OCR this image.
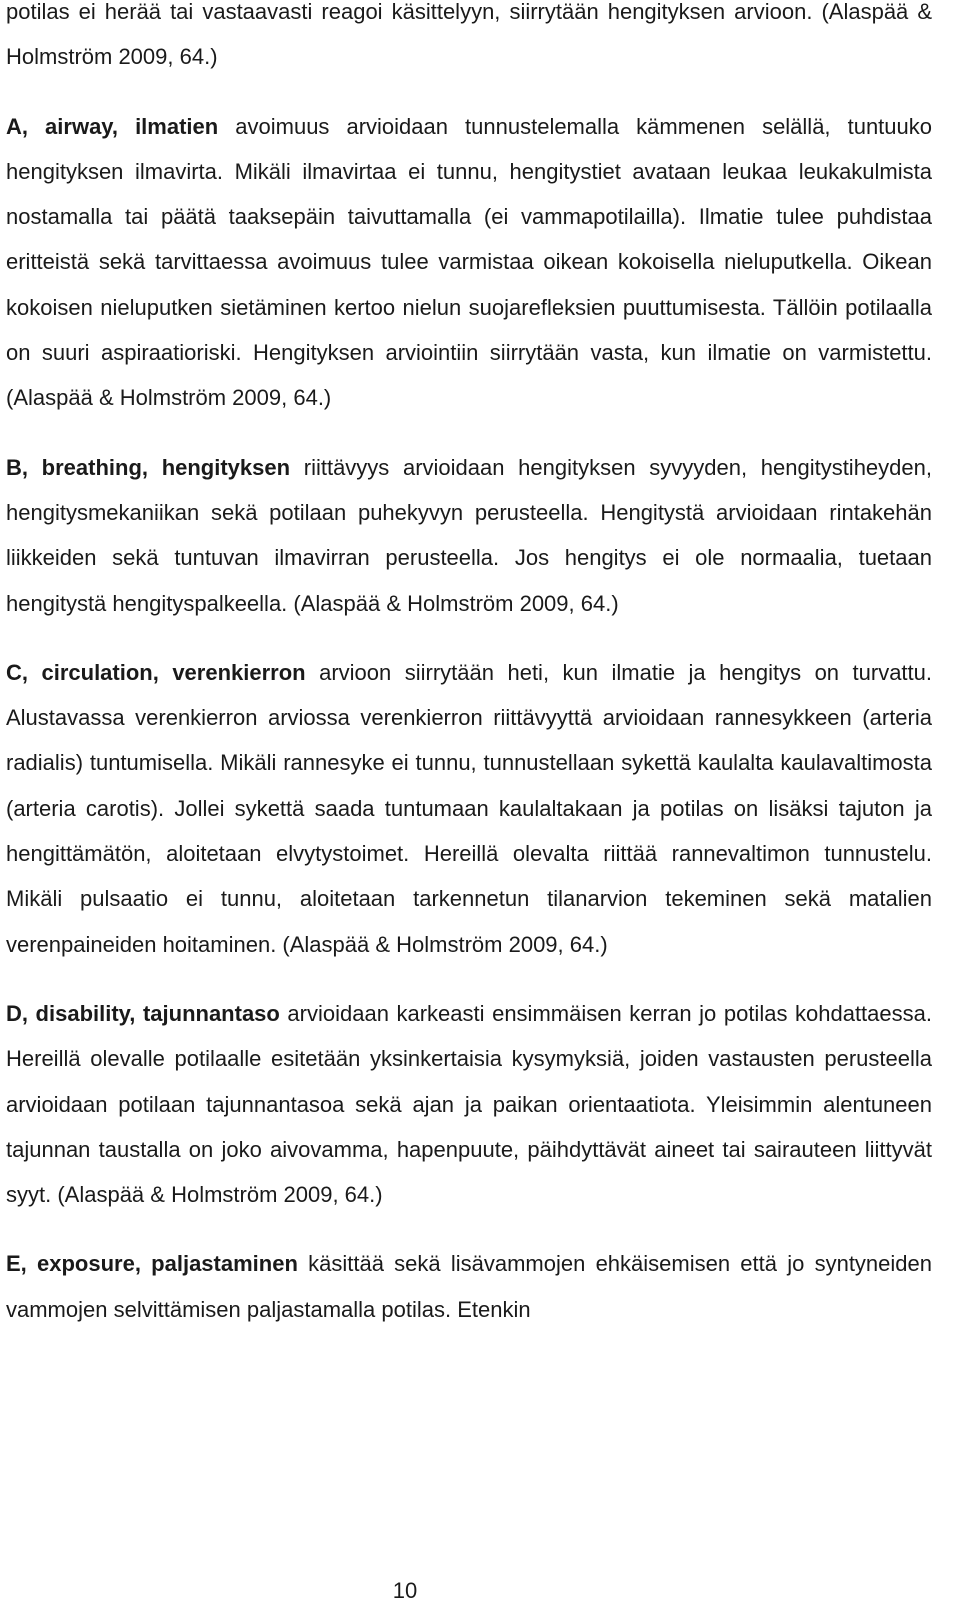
potilas ei herää tai vastaavasti reagoi käsittelyyn, siirrytään hengityksen arvioon. (Alaspää & Holmström 2009, 64.)

A, airway, ilmatien avoimuus arvioidaan tunnustelemalla kämmenen selällä, tuntuuko hengityksen ilmavirta. Mikäli ilmavirtaa ei tunnu, hengitystiet avataan leukaa leukakulmista nostamalla tai päätä taaksepäin taivuttamalla (ei vammapotilailla). Ilmatie tulee puhdistaa eritteistä sekä tarvittaessa avoimuus tulee varmistaa oikean kokoisella nieluputkella. Oikean kokoisen nieluputken sietäminen kertoo nielun suojarefleksien puuttumisesta. Tällöin potilaalla on suuri aspiraatioriski. Hengityksen arviointiin siirrytään vasta, kun ilmatie on varmistettu. (Alaspää & Holmström 2009, 64.)

B, breathing, hengityksen riittävyys arvioidaan hengityksen syvyyden, hengitystiheyden, hengitysmekaniikan sekä potilaan puhekyvyn perusteella. Hengitystä arvioidaan rintakehän liikkeiden sekä tuntuvan ilmavirran perusteella. Jos hengitys ei ole normaalia, tuetaan hengitystä hengityspalkeella. (Alaspää & Holmström 2009, 64.)

C, circulation, verenkierron arvioon siirrytään heti, kun ilmatie ja hengitys on turvattu. Alustavassa verenkierron arviossa verenkierron riittävyyttä arvioidaan rannesykkeen (arteria radialis) tuntumisella. Mikäli rannesyke ei tunnu, tunnustellaan sykettä kaulalta kaulavaltimosta (arteria carotis). Jollei sykettä saada tuntumaan kaulaltakaan ja potilas on lisäksi tajuton ja hengittämätön, aloitetaan elvytystoimet. Hereillä olevalta riittää rannevaltimon tunnustelu. Mikäli pulsaatio ei tunnu, aloitetaan tarkennetun tilanarvion tekeminen sekä matalien verenpaineiden hoitaminen. (Alaspää & Holmström 2009, 64.)

D, disability, tajunnantaso arvioidaan karkeasti ensimmäisen kerran jo potilas kohdattaessa. Hereillä olevalle potilaalle esitetään yksinkertaisia kysymyksiä, joiden vastausten perusteella arvioidaan potilaan tajunnantasoa sekä ajan ja paikan orientaatiota. Yleisimmin alentuneen tajunnan taustalla on joko aivovamma, hapenpuute, päihdyttävät aineet tai sairauteen liittyvät syyt. (Alaspää & Holmström 2009, 64.)

E, exposure, paljastaminen käsittää sekä lisävammojen ehkäisemisen että jo syntyneiden vammojen selvittämisen paljastamalla potilas. Etenkin

10
